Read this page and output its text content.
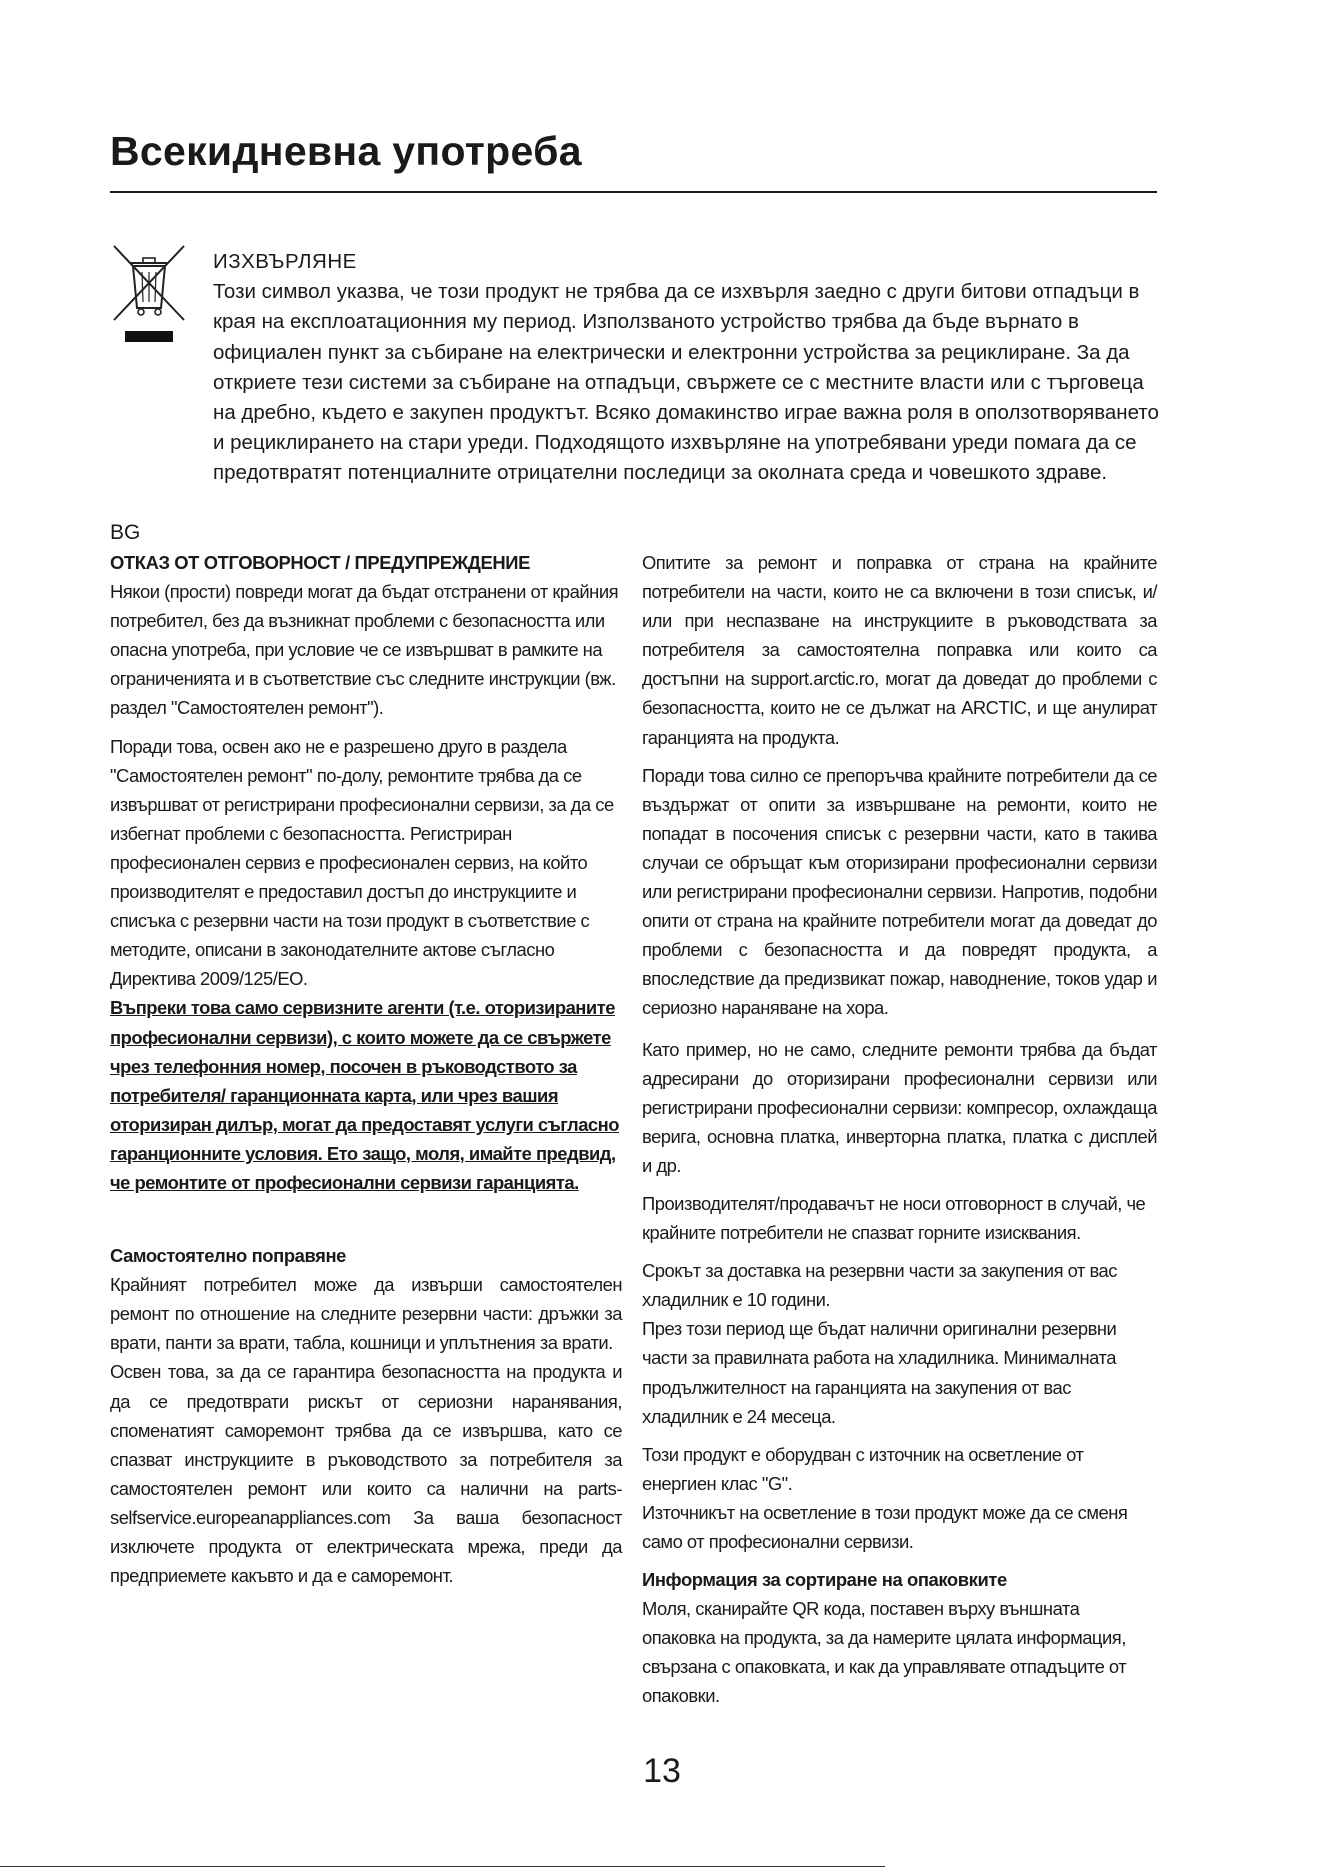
Всекидневна употреба
ИЗХВЪРЛЯНЕ

Този символ указва, че този продукт не трябва да се изхвърля заедно с други битови отпадъци в края на експлоатационния му период. Използваното устройство трябва да бъде върнато в официален пункт за събиране на електрически и електронни устройства за рециклиране. За да откриете тези системи за събиране на отпадъци, свържете се с местните власти или с търговеца на дребно, където е закупен продуктът. Всяко домакинство играе важна роля в оползотворяването и рециклирането на стари уреди. Подходящото изхвърляне на употребявани уреди помага да се предотвратят потенциалните отрицателни последици за околната среда и човешкото здраве.

BG
ОТКАЗ ОТ ОТГОВОРНОСТ / ПРЕДУПРЕЖДЕНИЕ

Някои (прости) повреди могат да бъдат отстранени от крайния потребител, без да възникнат проблеми с безопасността или опасна употреба, при условие че се извършват в рамките на ограниченията и в съответствие със следните инструкции (вж. раздел "Самостоятелен ремонт").

Поради това, освен ако не е разрешено друго в раздела "Самостоятелен ремонт" по-долу, ремонтите трябва да се извършват от регистрирани професионални сервизи, за да се избегнат проблеми с безопасността. Регистриран професионален сервиз е професионален сервиз, на който производителят е предоставил достъп до инструкциите и списъка с резервни части на този продукт в съответствие с методите, описани в законодателните актове съгласно Директива 2009/125/ЕО.

Въпреки това само сервизните агенти (т.е. оторизираните професионални сервизи), с които можете да се свържете чрез телефонния номер, посочен в ръководството за потребителя/ гаранционната карта, или чрез вашия оторизиран дилър, могат да предоставят услуги съгласно гаранционните условия. Ето защо, моля, имайте предвид, че ремонтите от професионални сервизи гаранцията.

Самостоятелно поправяне

Крайният потребител може да извърши самостоятелен ремонт по отношение на следните резервни части: дръжки за врати, панти за врати, табла, кошници и уплътнения за врати.

Освен това, за да се гарантира безопасността на продукта и да се предотврати рискът от сериозни наранявания, споменатият саморемонт трябва да се извършва, като се спазват инструкциите в ръководството за потребителя за самостоятелен ремонт или които са налични на parts-selfservice.europeanappliances.com За ваша безопасност изключете продукта от електрическата мрежа, преди да предприемете какъвто и да е саморемонт.

Опитите за ремонт и поправка от страна на крайните потребители на части, които не са включени в този списък, и/или при неспазване на инструкциите в ръководствата за потребителя за самостоятелна поправка или които са достъпни на support.arctic.ro, могат да доведат до проблеми с безопасността, които не се дължат на ARCTIC, и ще анулират гаранцията на продукта.

Поради това силно се препоръчва крайните потребители да се въздържат от опити за извършване на ремонти, които не попадат в посочения списък с резервни части, като в такива случаи се обръщат към оторизирани професионални сервизи или регистрирани професионални сервизи. Напротив, подобни опити от страна на крайните потребители могат да доведат до проблеми с безопасността и да повредят продукта, а впоследствие да предизвикат пожар, наводнение, токов удар и сериозно нараняване на хора.

Като пример, но не само, следните ремонти трябва да бъдат адресирани до оторизирани професионални сервизи или регистрирани професионални сервизи: компресор, охлаждаща верига, основна платка, инверторна платка, платка с дисплей и др.

Производителят/продавачът не носи отговорност в случай, че крайните потребители не спазват горните изисквания.

Срокът за доставка на резервни части за закупения от вас хладилник е 10 години.

През този период ще бъдат налични оригинални резервни части за правилната работа на хладилника. Минималната продължителност на гаранцията на закупения от вас хладилник е 24 месеца.

Този продукт е оборудван с източник на осветление от енергиен клас "G".

Източникът на осветление в този продукт може да се сменя само от професионални сервизи.

Информация за сортиране на опаковките

Моля, сканирайте QR кода, поставен върху външната опаковка на продукта, за да намерите цялата информация, свързана с опаковката, и как да управлявате отпадъците от опаковки.

13
